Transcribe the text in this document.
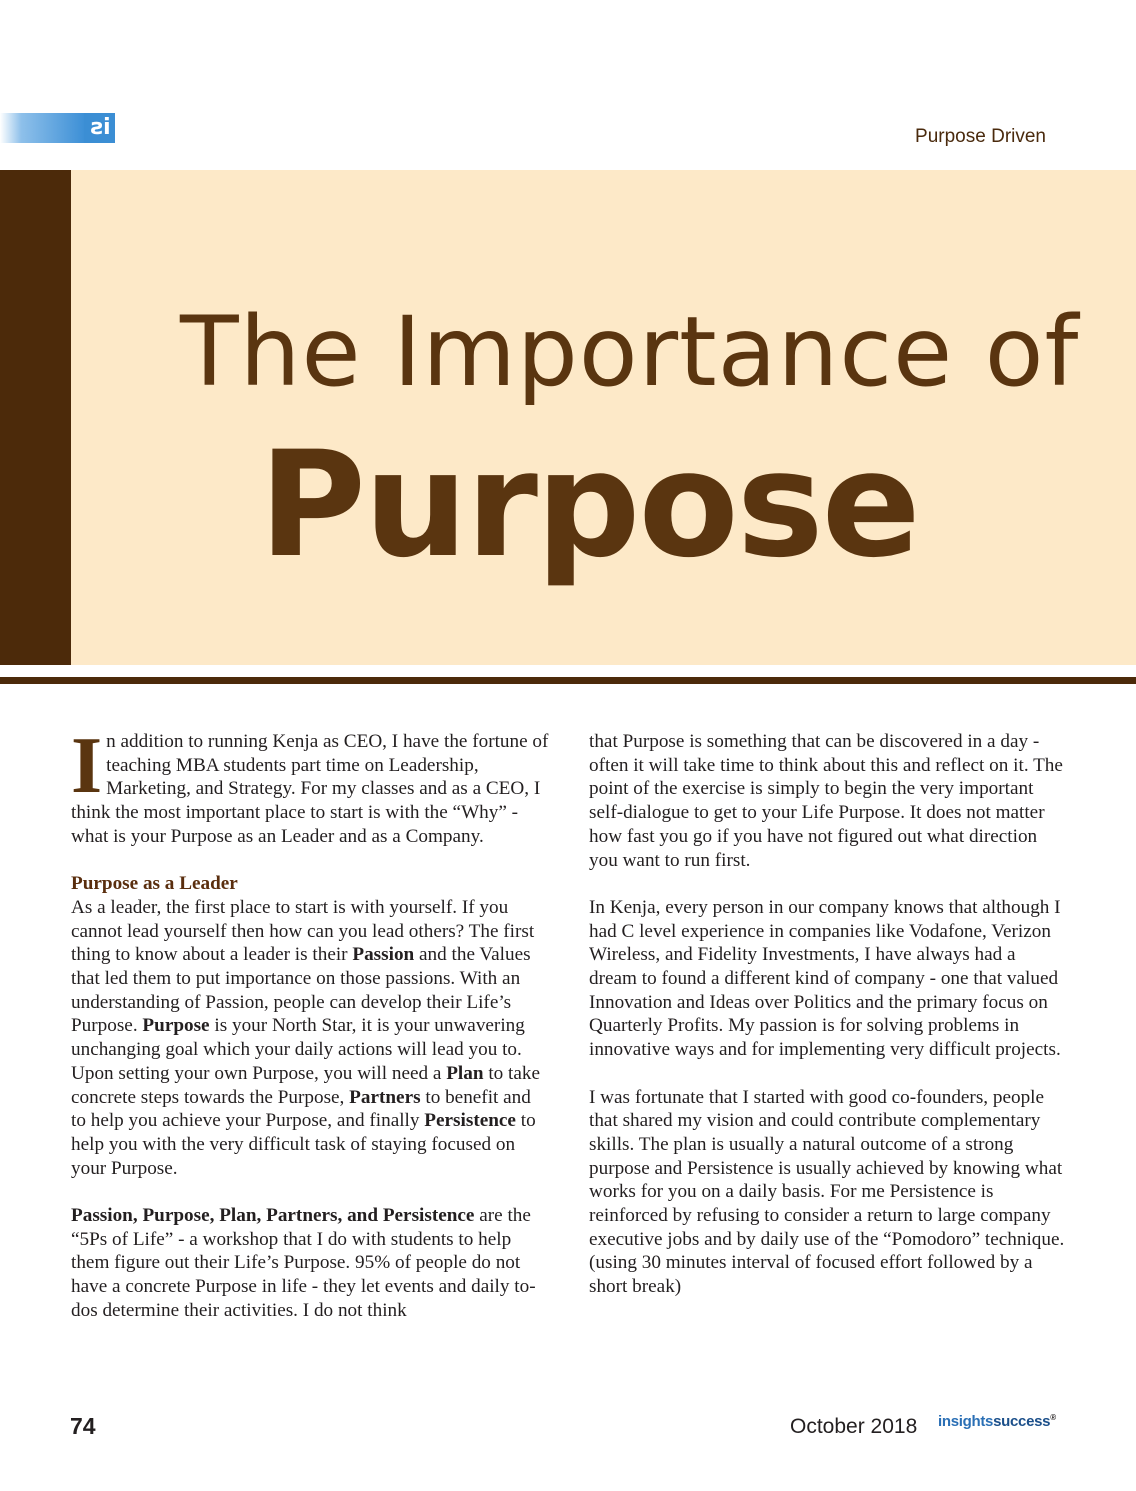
is	Purpose Driven
The Importance of
Purpose

In addition to running Kenja as CEO, I have the fortune of teaching MBA students part time on Leadership, Marketing, and Strategy. For my classes and as a CEO, I think the most important place to start is with the “Why” - what is your Purpose as an Leader and as a Company.

Purpose as a Leader
As a leader, the first place to start is with yourself. If you cannot lead yourself then how can you lead others? The first thing to know about a leader is their Passion and the Values that led them to put importance on those passions. With an understanding of Passion, people can develop their Life’s Purpose. Purpose is your North Star, it is your unwavering unchanging goal which your daily actions will lead you to. Upon setting your own Purpose, you will need a Plan to take concrete steps towards the Purpose, Partners to benefit and to help you achieve your Purpose, and finally Persistence to help you with the very difficult task of staying focused on your Purpose.

Passion, Purpose, Plan, Partners, and Persistence are the “5Ps of Life” - a workshop that I do with students to help them figure out their Life’s Purpose. 95% of people do not have a concrete Purpose in life - they let events and daily to-dos determine their activities. I do not think

that Purpose is something that can be discovered in a day - often it will take time to think about this and reflect on it. The point of the exercise is simply to begin the very important self-dialogue to get to your Life Purpose. It does not matter how fast you go if you have not figured out what direction you want to run first.

In Kenja, every person in our company knows that although I had C level experience in companies like Vodafone, Verizon Wireless, and Fidelity Investments, I have always had a dream to found a different kind of company - one that valued Innovation and Ideas over Politics and the primary focus on Quarterly Profits. My passion is for solving problems in innovative ways and for implementing very difficult projects.

I was fortunate that I started with good co-founders, people that shared my vision and could contribute complementary skills. The plan is usually a natural outcome of a strong purpose and Persistence is usually achieved by knowing what works for you on a daily basis. For me Persistence is reinforced by refusing to consider a return to large company executive jobs and by daily use of the “Pomodoro” technique. (using 30 minutes interval of focused effort followed by a short break)

74	October 2018 insightssuccess®
